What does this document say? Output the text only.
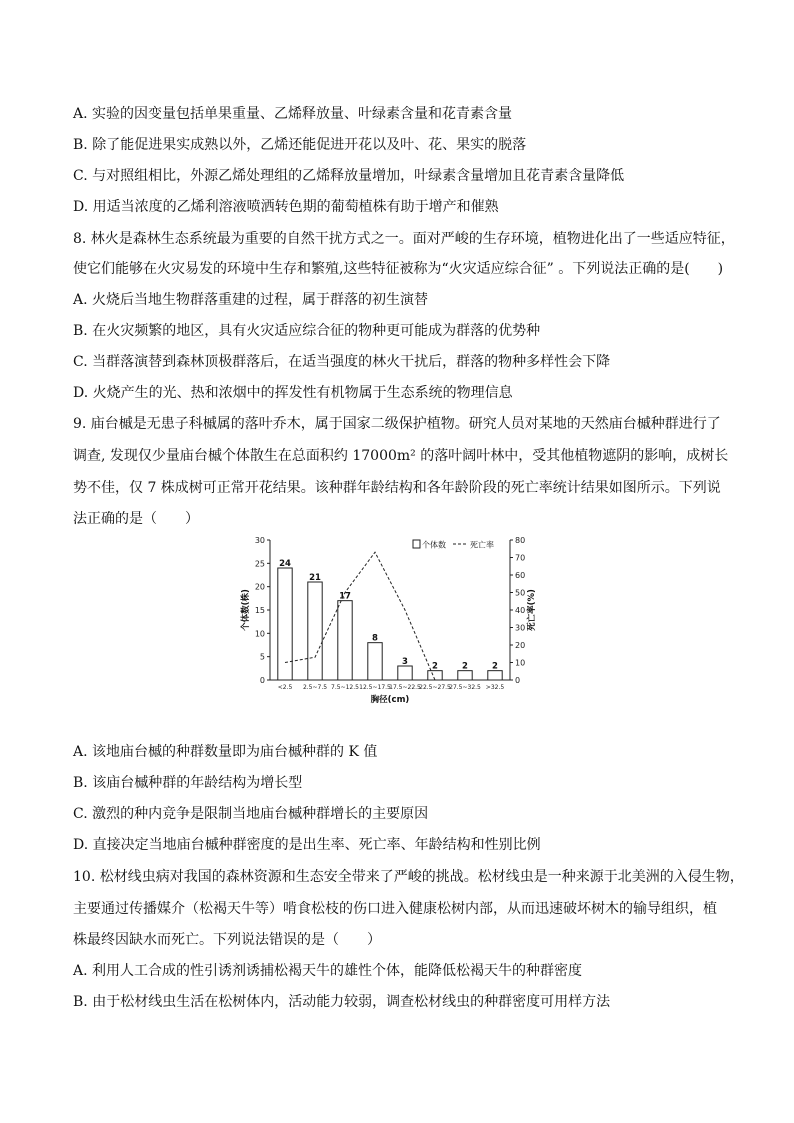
A. 实验的因变量包括单果重量、乙烯释放量、叶绿素含量和花青素含量
B. 除了能促进果实成熟以外，乙烯还能促进开花以及叶、花、果实的脱落
C. 与对照组相比，外源乙烯处理组的乙烯释放量增加，叶绿素含量增加且花青素含量降低
D. 用适当浓度的乙烯利溶液喷洒转色期的葡萄植株有助于增产和催熟
8. 林火是森林生态系统最为重要的自然干扰方式之一。面对严峻的生存环境，植物进化出了一些适应特征，
使它们能够在火灾易发的环境中生存和繁殖,这些特征被称为“火灾适应综合征” 。下列说法正确的是(　　)
A. 火烧后当地生物群落重建的过程，属于群落的初生演替
B. 在火灾频繁的地区，具有火灾适应综合征的物种更可能成为群落的优势种
C. 当群落演替到森林顶极群落后，在适当强度的林火干扰后，群落的物种多样性会下降
D. 火烧产生的光、热和浓烟中的挥发性有机物属于生态系统的物理信息
9. 庙台槭是无患子科槭属的落叶乔木，属于国家二级保护植物。研究人员对某地的天然庙台槭种群进行了
调查, 发现仅少量庙台槭个体散生在总面积约 17000m² 的落叶阔叶林中，受其他植物遮阴的影响，成树长
势不佳，仅 7 株成树可正常开花结果。该种群年龄结构和各年龄阶段的死亡率统计结果如图所示。下列说
法正确的是（　　）
0
5
10
15
20
25
30
0
10
20
30
40
50
60
70
80
24
<2.5
21
2.5~7.5
17
7.5~12.5
8
12.5~17.5
3
17.5~22.5
2
22.5~27.5
2
27.5~32.5
2
>32.5
胸径(cm)
个体数(株)	死亡率(%)
个体数	死亡率
A. 该地庙台槭的种群数量即为庙台槭种群的 K 值
B. 该庙台槭种群的年龄结构为增长型
C. 激烈的种内竞争是限制当地庙台槭种群增长的主要原因
D. 直接决定当地庙台槭种群密度的是出生率、死亡率、年龄结构和性别比例
10. 松材线虫病对我国的森林资源和生态安全带来了严峻的挑战。松材线虫是一种来源于北美洲的入侵生物，
主要通过传播媒介（松褐天牛等）啃食松枝的伤口进入健康松树内部，从而迅速破坏树木的输导组织，植
株最终因缺水而死亡。下列说法错误的是（　　）
A. 利用人工合成的性引诱剂诱捕松褐天牛的雄性个体，能降低松褐天牛的种群密度
B. 由于松材线虫生活在松树体内，活动能力较弱，调查松材线虫的种群密度可用样方法
